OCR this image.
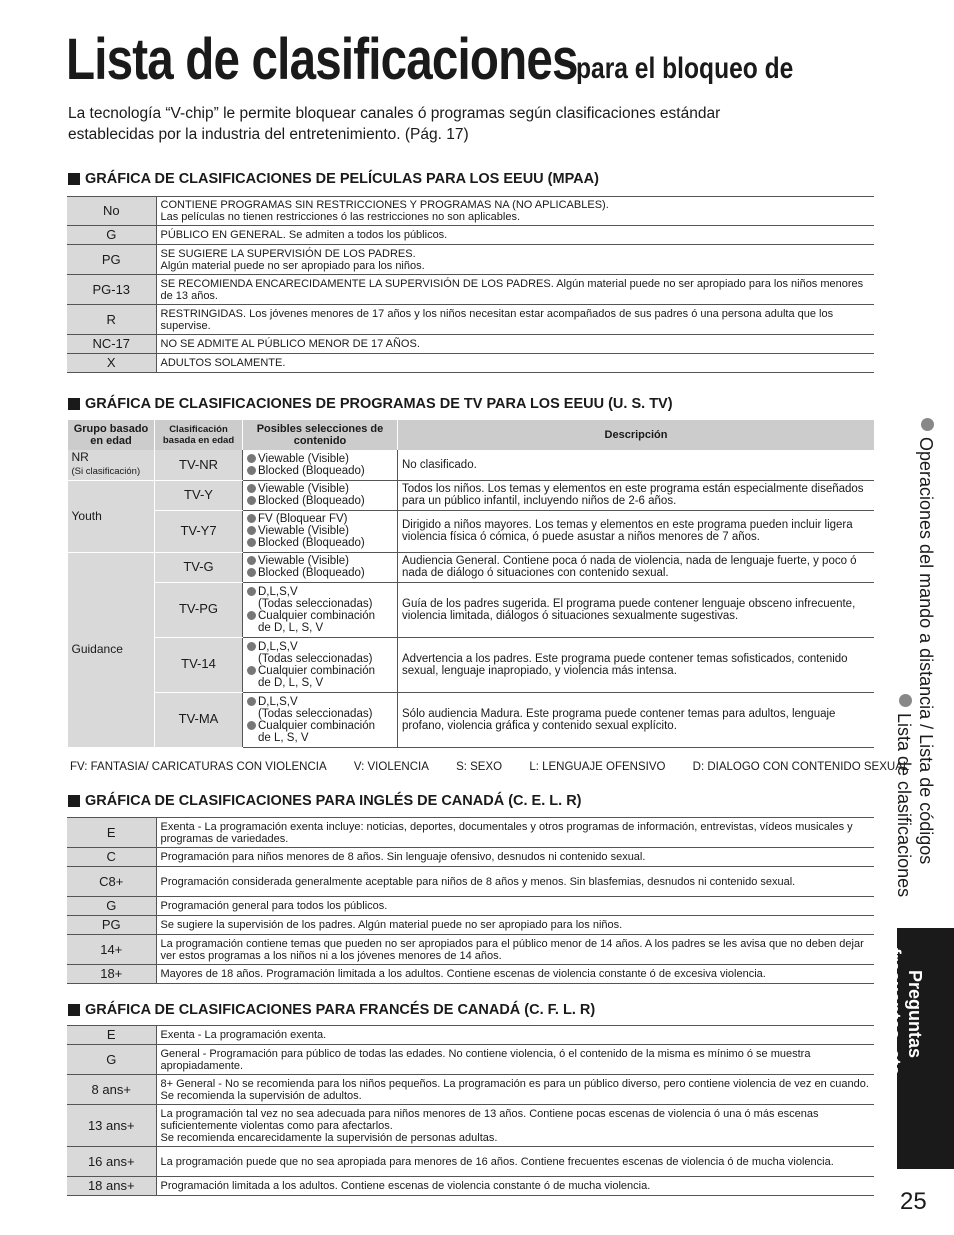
Lista de clasificaciones
para el bloqueo de

La tecnología “V-chip” le permite bloquear canales ó programas según clasificaciones estándar

establecidas por la industria del entretenimiento. (Pág. 17)

GRÁFICA DE CLASIFICACIONES DE PELÍCULAS PARA LOS EEUU (MPAA)
No	CONTIENE PROGRAMAS SIN RESTRICCIONES Y PROGRAMAS NA (NO APLICABLES).
Las películas no tienen restricciones ó las restricciones no son aplicables.
G	PÚBLICO EN GENERAL. Se admiten a todos los públicos.
PG	SE SUGIERE LA SUPERVISIÓN DE LOS PADRES.
Algún material puede no ser apropiado para los niños.
PG-13	SE RECOMIENDA ENCARECIDAMENTE LA SUPERVISIÓN DE LOS PADRES. Algún material puede no ser apropiado para los niños menores de 13 años.
R	RESTRINGIDAS. Los jóvenes menores de 17 años y los niños necesitan estar acompañados de sus padres ó una persona adulta que los supervise.
NC-17	NO SE ADMITE AL PÚBLICO MENOR DE 17 AÑOS.
X	ADULTOS SOLAMENTE.
GRÁFICA DE CLASIFICACIONES DE PROGRAMAS DE TV PARA LOS EEUU (U. S. TV)
Grupo basado en edad	Clasificación basada en edad	Posibles selecciones de contenido	Descripción
NR
(Si clasificación)	TV-NR	Viewable (Visible)
Blocked (Bloqueado)	No clasificado.
Youth	TV-Y	Viewable (Visible)
Blocked (Bloqueado)	Todos los niños. Los temas y elementos en este programa están especialmente diseñados para un público infantil, incluyendo niños de 2-6 años.
	TV-Y7	FV (Bloquear FV)
Viewable (Visible)
Blocked (Bloqueado)	Dirigido a niños mayores. Los temas y elementos en este programa pueden incluir ligera violencia física ó cómica, ó puede asustar a niños menores de 7 años.
Guidance	TV-G	Viewable (Visible)
Blocked (Bloqueado)	Audiencia General. Contiene poca ó nada de violencia, nada de lenguaje fuerte, y poco ó nada de diálogo ó situaciones con contenido sexual.
	TV-PG	D,L,S,V
(Todas seleccionadas)
Cualquier combinación
de D, L, S, V	Guía de los padres sugerida. El programa puede contener lenguaje obsceno infrecuente, violencia limitada, diálogos ó situaciones sexualmente sugestivas.
	TV-14	D,L,S,V
(Todas seleccionadas)
Cualquier combinación
de D, L, S, V	Advertencia a los padres. Este programa puede contener temas sofisticados, contenido sexual, lenguaje inapropiado, y violencia más intensa.
	TV-MA	D,L,S,V
(Todas seleccionadas)
Cualquier combinación
de L, S, V	Sólo audiencia Madura. Este programa puede contener temas para adultos, lenguaje profano, violencia gráfica y contenido sexual explícito.
FV: FANTASIA/ CARICATURAS CON VIOLENCIA V: VIOLENCIA S: SEXO L: LENGUAJE OFENSIVO D: DIALOGO CON CONTENIDO SEXUAL
GRÁFICA DE CLASIFICACIONES PARA INGLÉS DE CANADÁ (C. E. L. R)
E	Exenta - La programación exenta incluye: noticias, deportes, documentales y otros programas de información, entrevistas, vídeos musicales y programas de variedades.
C	Programación para niños menores de 8 años. Sin lenguaje ofensivo, desnudos ni contenido sexual.
C8+	Programación considerada generalmente aceptable para niños de 8 años y menos. Sin blasfemias, desnudos ni contenido sexual.
G	Programación general para todos los públicos.
PG	Se sugiere la supervisión de los padres. Algún material puede no ser apropiado para los niños.
14+	La programación contiene temas que pueden no ser apropiados para el público menor de 14 años. A los padres se les avisa que no deben dejar ver estos programas a los niños ni a los jóvenes menores de 14 años.
18+	Mayores de 18 años. Programación limitada a los adultos. Contiene escenas de violencia constante ó de excesiva violencia.
GRÁFICA DE CLASIFICACIONES PARA FRANCÉS DE CANADÁ (C. F. L. R)
E	Exenta - La programación exenta.
G	General - Programación para público de todas las edades. No contiene violencia, ó el contenido de la misma es mínimo ó se muestra apropiadamente.
8 ans+	8+ General - No se recomienda para los niños pequeños. La programación es para un público diverso, pero contiene violencia de vez en cuando. Se recomienda la supervisión de adultos.
13 ans+	La programación tal vez no sea adecuada para niños menores de 13 años. Contiene pocas escenas de violencia ó una ó más escenas suficientemente violentas como para afectarlos.
Se recomienda encarecidamente la supervisión de personas adultas.
16 ans+	La programación puede que no sea apropiada para menores de 16 años. Contiene frecuentes escenas de violencia ó de mucha violencia.
18 ans+	Programación limitada a los adultos. Contiene escenas de violencia constante ó de mucha violencia.
Operaciones del mando a distancia / Lista de códigos
Lista de clasificaciones
Preguntas
frecuentes, etc.
25
